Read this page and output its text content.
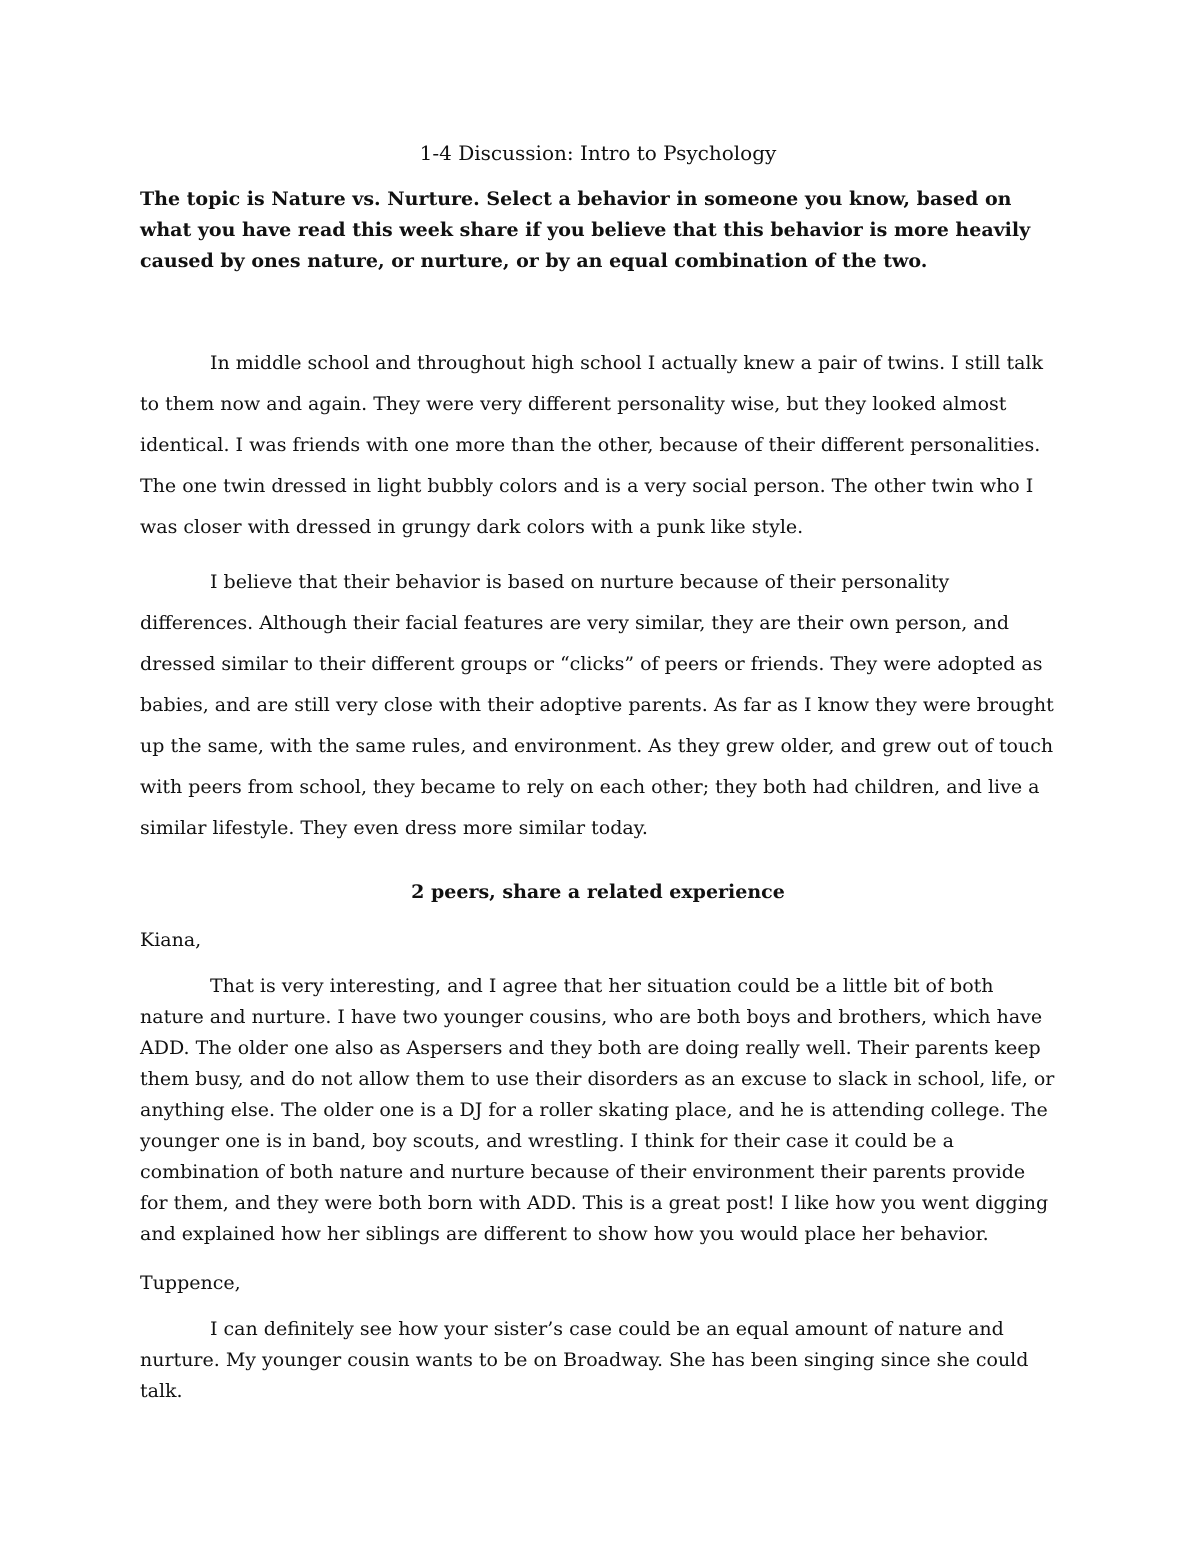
1-4 Discussion: Intro to Psychology

The topic is Nature vs. Nurture. Select a behavior in someone you know, based on what you have read this week share if you believe that this behavior is more heavily caused by ones nature, or nurture, or by an equal combination of the two.

In middle school and throughout high school I actually knew a pair of twins. I still talk to them now and again. They were very different personality wise, but they looked almost identical. I was friends with one more than the other, because of their different personalities. The one twin dressed in light bubbly colors and is a very social person. The other twin who I was closer with dressed in grungy dark colors with a punk like style.

I believe that their behavior is based on nurture because of their personality differences. Although their facial features are very similar, they are their own person, and dressed similar to their different groups or “clicks” of peers or friends. They were adopted as babies, and are still very close with their adoptive parents. As far as I know they were brought up the same, with the same rules, and environment. As they grew older, and grew out of touch with peers from school, they became to rely on each other; they both had children, and live a similar lifestyle. They even dress more similar today.

2 peers, share a related experience
Kiana,

That is very interesting, and I agree that her situation could be a little bit of both nature and nurture. I have two younger cousins, who are both boys and brothers, which have ADD. The older one also as Aspersers and they both are doing really well. Their parents keep them busy, and do not allow them to use their disorders as an excuse to slack in school, life, or anything else. The older one is a DJ for a roller skating place, and he is attending college. The younger one is in band, boy scouts, and wrestling. I think for their case it could be a combination of both nature and nurture because of their environment their parents provide for them, and they were both born with ADD. This is a great post! I like how you went digging and explained how her siblings are different to show how you would place her behavior.

Tuppence,

I can definitely see how your sister’s case could be an equal amount of nature and nurture. My younger cousin wants to be on Broadway. She has been singing since she could talk.
